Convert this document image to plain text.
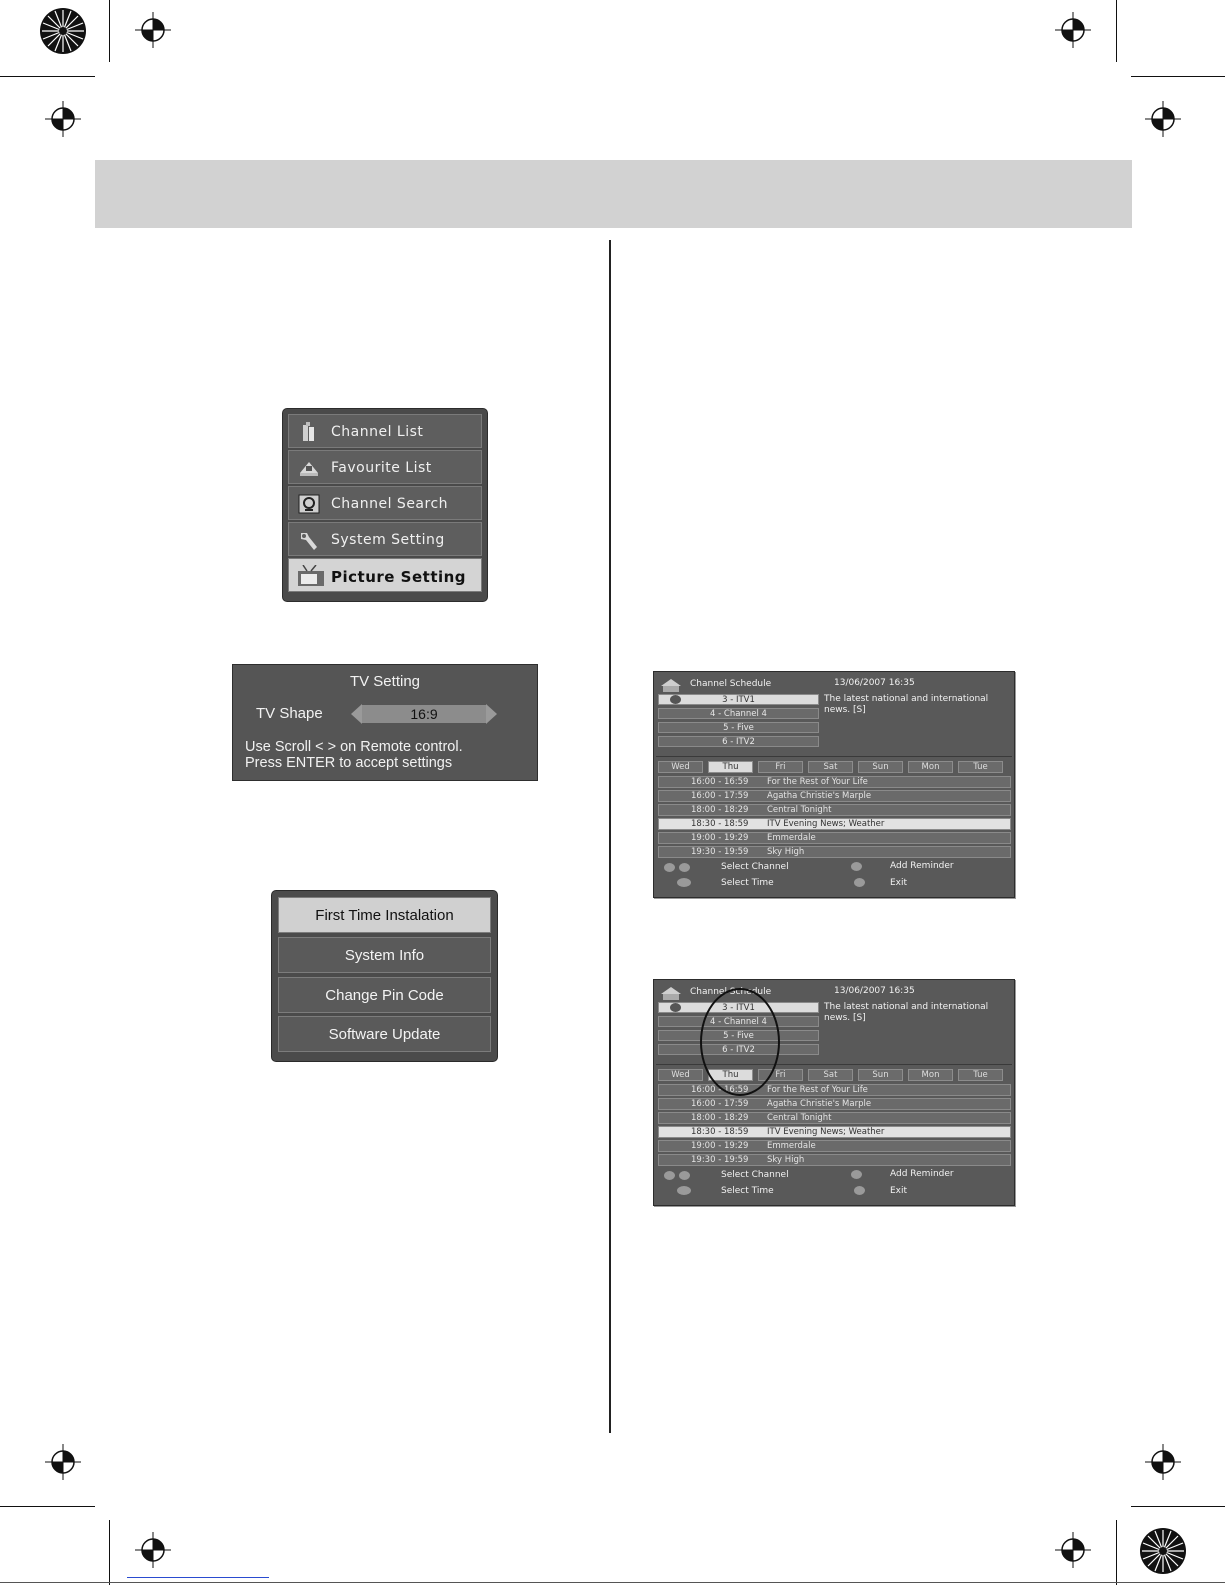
Channel List
Favourite List
Channel Search
System Setting
Picture Setting
TV Setting
TV Shape	16:9
Use Scroll < > on Remote control.
Press ENTER to accept settings
First Time Instalation
System Info
Change Pin Code
Software Update
Channel Schedule	13/06/2007 16:35
3 - ITV1
4 - Channel 4
5 - Five
6 - ITV2
The latest national and international news. [S]
Wed	Thu	Fri	Sat	Sun	Mon	Tue
16:00 - 16:59 For the Rest of Your Life
16:00 - 17:59 Agatha Christie's Marple
18:00 - 18:29 Central Tonight
18:30 - 18:59 ITV Evening News; Weather
19:00 - 19:29 Emmerdale
19:30 - 19:59 Sky High
Select Channel	Add Reminder
Select Time	Exit
Channel Schedule	13/06/2007 16:35
3 - ITV1
4 - Channel 4
5 - Five
6 - ITV2
The latest national and international news. [S]
Wed	Thu	Fri	Sat	Sun	Mon	Tue
16:00 - 16:59 For the Rest of Your Life
16:00 - 17:59 Agatha Christie's Marple
18:00 - 18:29 Central Tonight
18:30 - 18:59 ITV Evening News; Weather
19:00 - 19:29 Emmerdale
19:30 - 19:59 Sky High
Select Channel	Add Reminder
Select Time	Exit
